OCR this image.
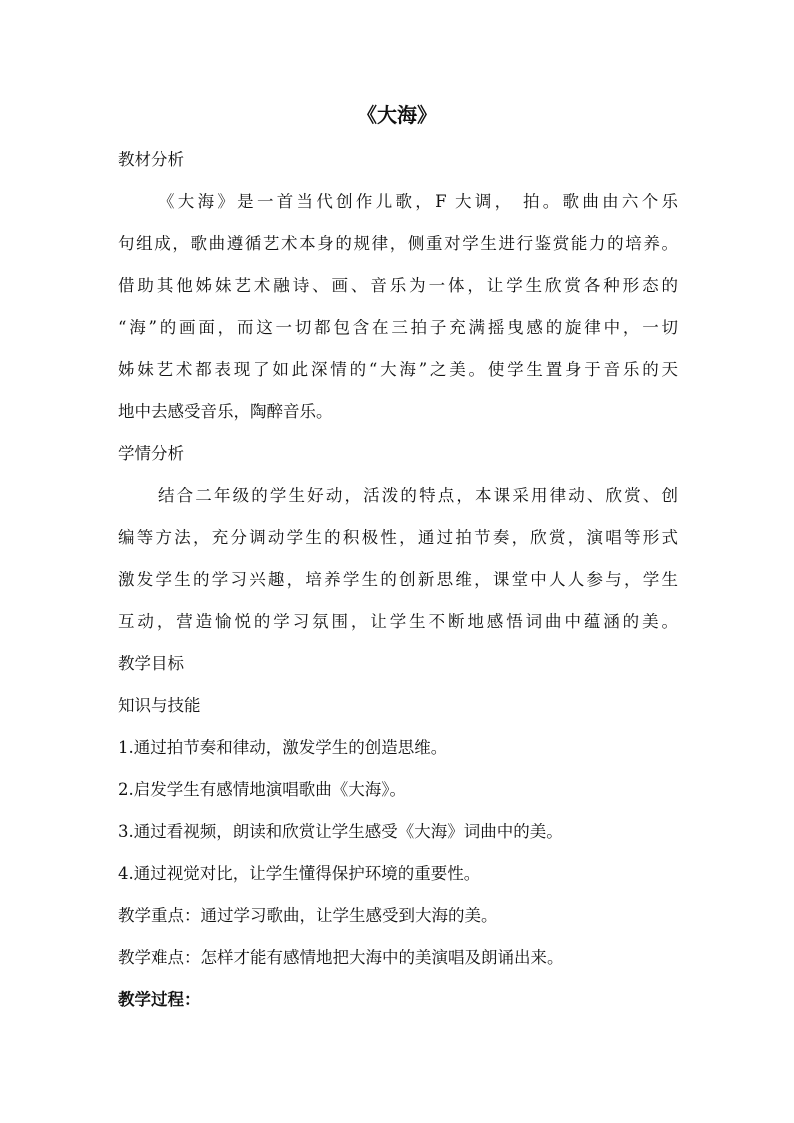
《大海》
教材分析
《大海》是一首当代创作儿歌，F 大调， 拍。歌曲由六个乐
句组成，歌曲遵循艺术本身的规律，侧重对学生进行鉴赏能力的培养。
借助其他姊妹艺术融诗、画、音乐为一体，让学生欣赏各种形态的
“海”的画面，而这一切都包含在三拍子充满摇曳感的旋律中，一切
姊妹艺术都表现了如此深情的“大海”之美。使学生置身于音乐的天
地中去感受音乐，陶醉音乐。
学情分析
结合二年级的学生好动，活泼的特点，本课采用律动、欣赏、创
编等方法，充分调动学生的积极性，通过拍节奏，欣赏，演唱等形式
激发学生的学习兴趣，培养学生的创新思维，课堂中人人参与，学生
互动，营造愉悦的学习氛围，让学生不断地感悟词曲中蕴涵的美。
教学目标
知识与技能
1.通过拍节奏和律动，激发学生的创造思维。
2.启发学生有感情地演唱歌曲《大海》。
3.通过看视频，朗读和欣赏让学生感受《大海》词曲中的美。
4.通过视觉对比，让学生懂得保护环境的重要性。
教学重点：通过学习歌曲，让学生感受到大海的美。
教学难点：怎样才能有感情地把大海中的美演唱及朗诵出来。
教学过程：
